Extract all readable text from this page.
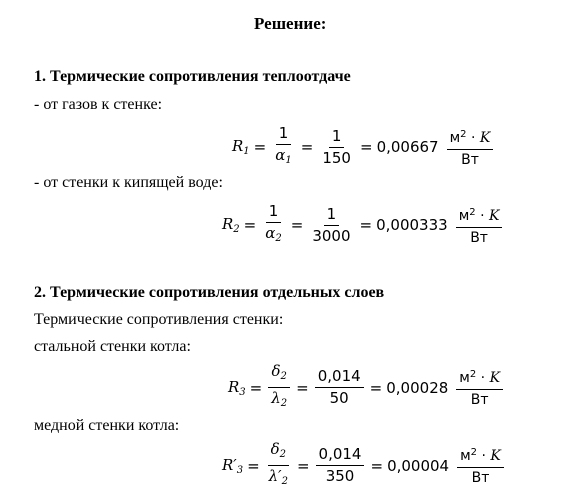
Решение:
1. Термические сопротивления теплоотдаче
- от газов к стенке:
$R_1 = \frac{1}{\alpha_1} = \frac{1}{150} = 0,00667 \frac{м^2 \cdot K}{Вт}$
- от стенки к кипящей воде:
$R_2 = \frac{1}{\alpha_2} = \frac{1}{3000} = 0,000333 \frac{м^2 \cdot K}{Вт}$
2. Термические сопротивления отдельных слоев
Термические сопротивления стенки:
стальной стенки котла:
$R_3 = \frac{\delta_2}{\lambda_2} = \frac{0,014}{50} = 0,00028 \frac{м^2 \cdot K}{Вт}$
медной стенки котла:
$R'_3 = \frac{\delta_2}{\lambda'_2} = \frac{0,014}{350} = 0,00004 \frac{м^2 \cdot K}{Вт}$
